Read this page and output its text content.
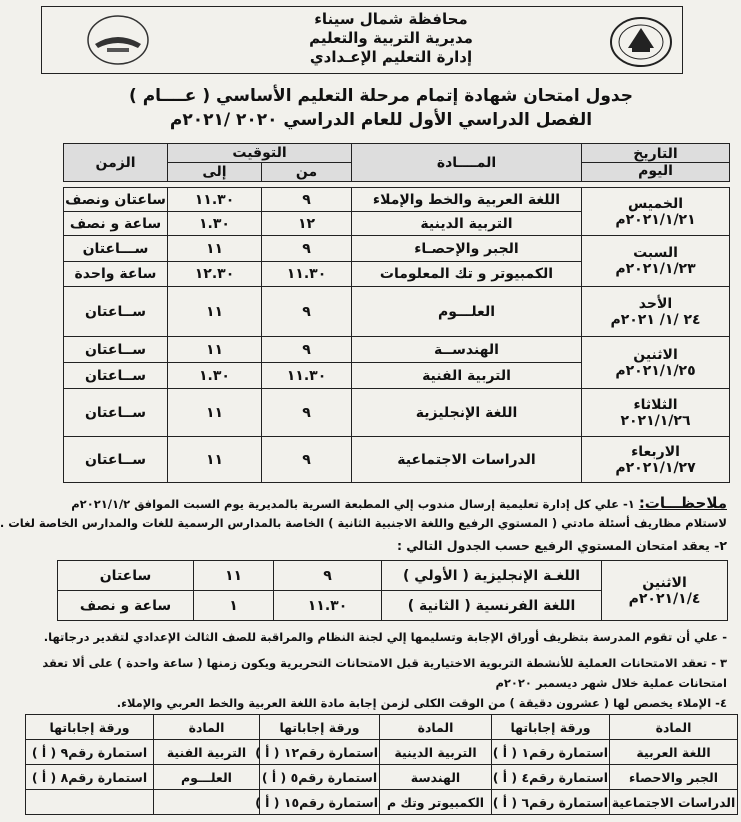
محافظة شمال سيناء
مديرية التربية والتعليم
إدارة التعليم الإعـدادي
جدول امتحان شهادة إتمام مرحلة التعليم الأساسي ( عــــام )
الفصل الدراسي الأول للعام الدراسي ٢٠٢٠ /٢٠٢١م
التاريخ
اليوم	المــــادة	التوقيت		الزمن
		من	إلى	

الخميس
٢٠٢١/١/٢١م	اللغة العربية والخط والإملاء	٩	١١.٣٠	ساعتان ونصف
	التربية الدينية	١٢	١.٣٠	ساعة و نصف

السبت
٢٠٢١/١/٢٣م	الجبر والإحصـاء	٩	١١	ســـاعتان
	الكمبيوتر و تك المعلومات	١١.٣٠	١٢.٣٠	ساعة واحدة

الأحد
٢٤ /١/ ٢٠٢١م	العلـــوم	٩	١١	ســاعتان

الاثنين
٢٠٢١/١/٢٥م	الهندســة	٩	١١	ســاعتان
	التربية الفنية	١١.٣٠	١.٣٠	ســاعتان

الثلاثاء
٢٠٢١/١/٢٦	اللغة الإنجليزية	٩	١١	ســاعتان

الاربعاء
٢٠٢١/١/٢٧م	الدراسات الاجتماعية	٩	١١	ســاعتان
ملاحظـــات: ١- علي كل إدارة تعليمية إرسال مندوب إلي المطبعة السرية بالمديرية يوم السبت الموافق ٢٠٢١/١/٢م
لاستلام مظاريف أسئلة مادتي ( المستوي الرفيع واللغة الاجنبية الثانية ) الخاصة بالمدارس الرسمية للغات والمدارس الخاصة لغات .
٢- يعقد امتحان المستوي الرفيع حسب الجدول التالي :
الاثنين
٢٠٢١/١/٤م	اللغـة الإنجليزية ( الأولي )	٩	١١	ساعتان
	اللغة الفرنسية ( الثانية )	١١.٣٠	١	ساعة و نصف
- علي أن تقوم المدرسة بتظريف أوراق الإجابة وتسليمها إلي لجنة النظام والمراقبة للصف الثالث الإعدادي لتقدير درجاتها.
٣ - تعقد الامتحانات العملية للأنشطة التربوية الاختيارية قبل الامتحانات التحريرية ويكون زمنها ( ساعة واحدة ) على ألا تعقد
امتحانات عملية خلال شهر ديسمبر ٢٠٢٠م
٤- الإملاء يخصص لها ( عشرون دقيقة ) من الوقت الكلى لزمن إجابة مادة اللغة العربية والخط العربي والإملاء.
المادة	ورقة إجاباتها	المادة	ورقة إجاباتها	المادة	ورقة إجاباتها
اللغة العربية	استمارة رقم١ ( أ )	التربية الدينية	استمارة رقم١٢ ( أ )	التربية الفنية	استمارة رقم٩ ( أ )
الجبر والاحصاء	استمارة رقم٤ ( أ )	الهندسة	استمارة رقم٥ ( أ )	العلـــوم	استمارة رقم٨ ( أ )
الدراسات الاجتماعية	استمارة رقم٦ ( أ )	الكمبيوتر وتك م	استمارة رقم١٥ ( أ )		
